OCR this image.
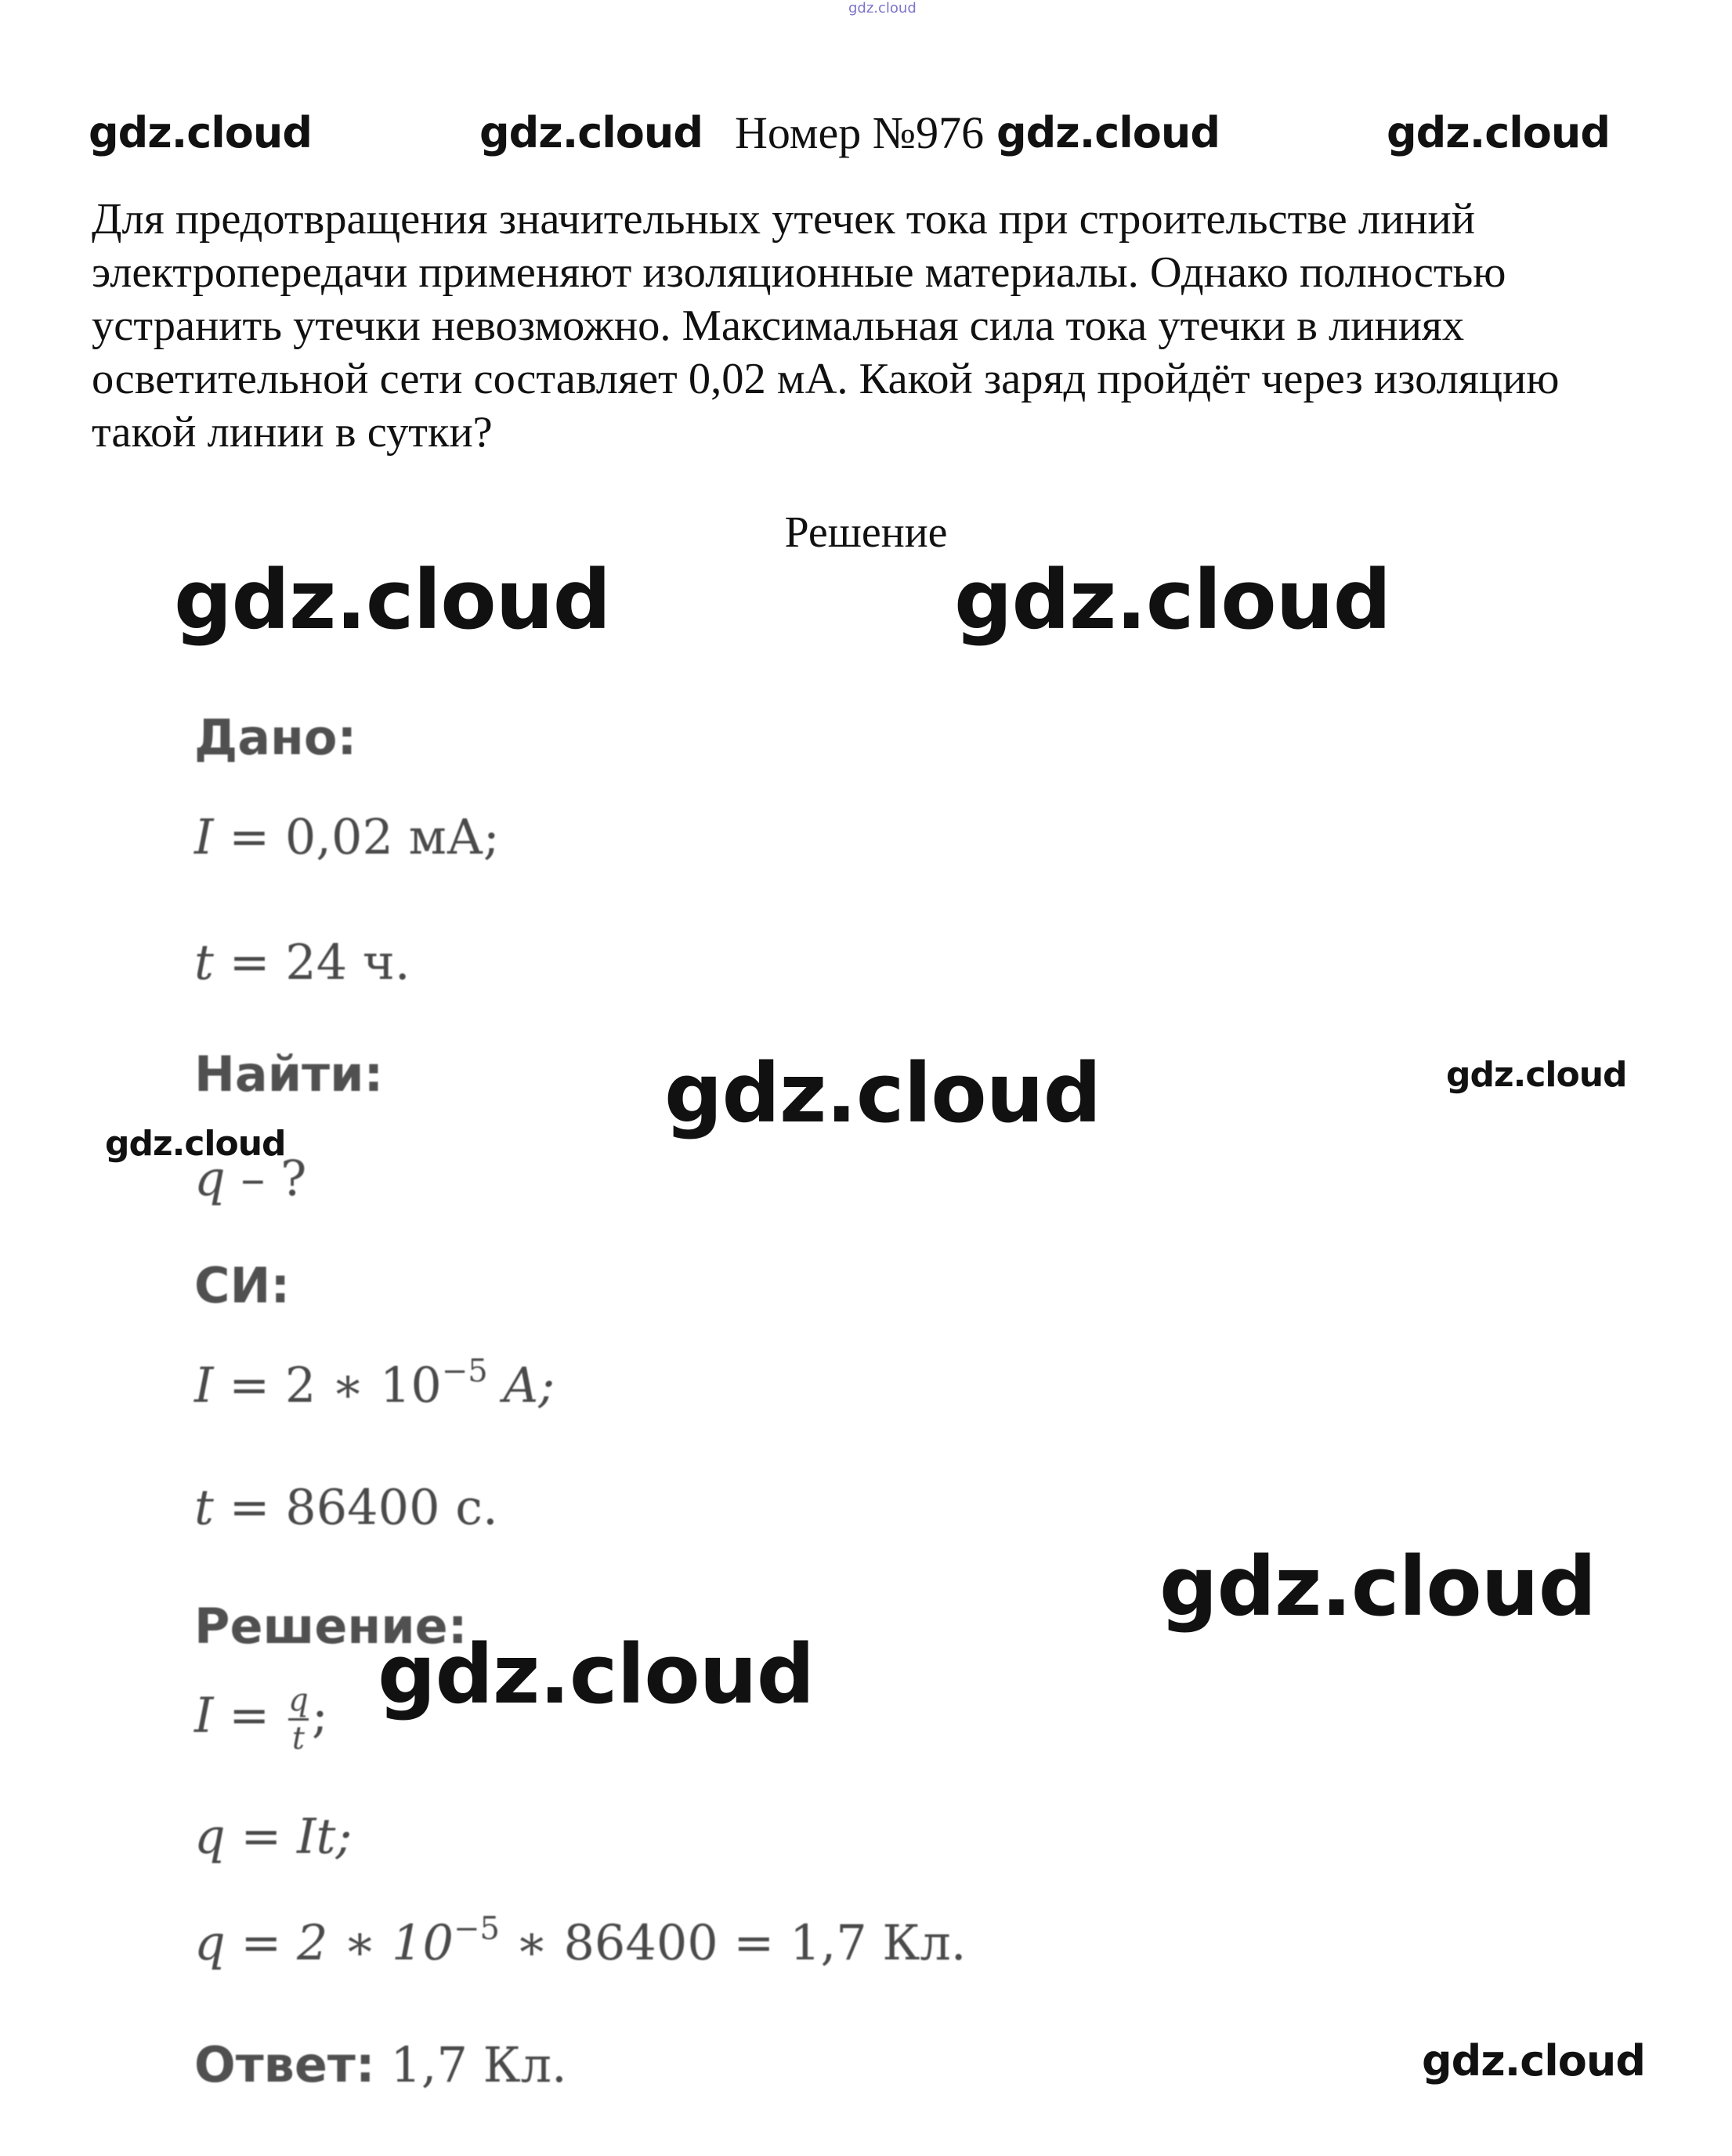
gdz.cloud
gdz.cloud	gdz.cloud Номер №976 gdz.cloud	gdz.cloud
Для предотвращения значительных утечек тока при строительстве линий электропередачи применяют изоляционные материалы. Однако полностью устранить утечки невозможно. Максимальная сила тока утечки в линиях осветительной сети составляет 0,02 мА. Какой заряд пройдёт через изоляцию такой линии в сутки?
Решение
gdz.cloud	gdz.cloud
Дано:
I = 0,02 мА;
t = 24 ч.
Найти:	gdz.cloud	gdz.cloud
gdz.cloud
q – ?
СИ:
I = 2 ∗ $10^{-5}$ A;
t = 86400 с.
gdz.cloud
Решение:
$I = \frac{q}{t}$ ; gdz.cloud
q = It;
q = 2 ∗ $10^{-5}$ ∗ 86400 = 1,7 Кл.
Ответ: 1,7 Кл.	gdz.cloud
